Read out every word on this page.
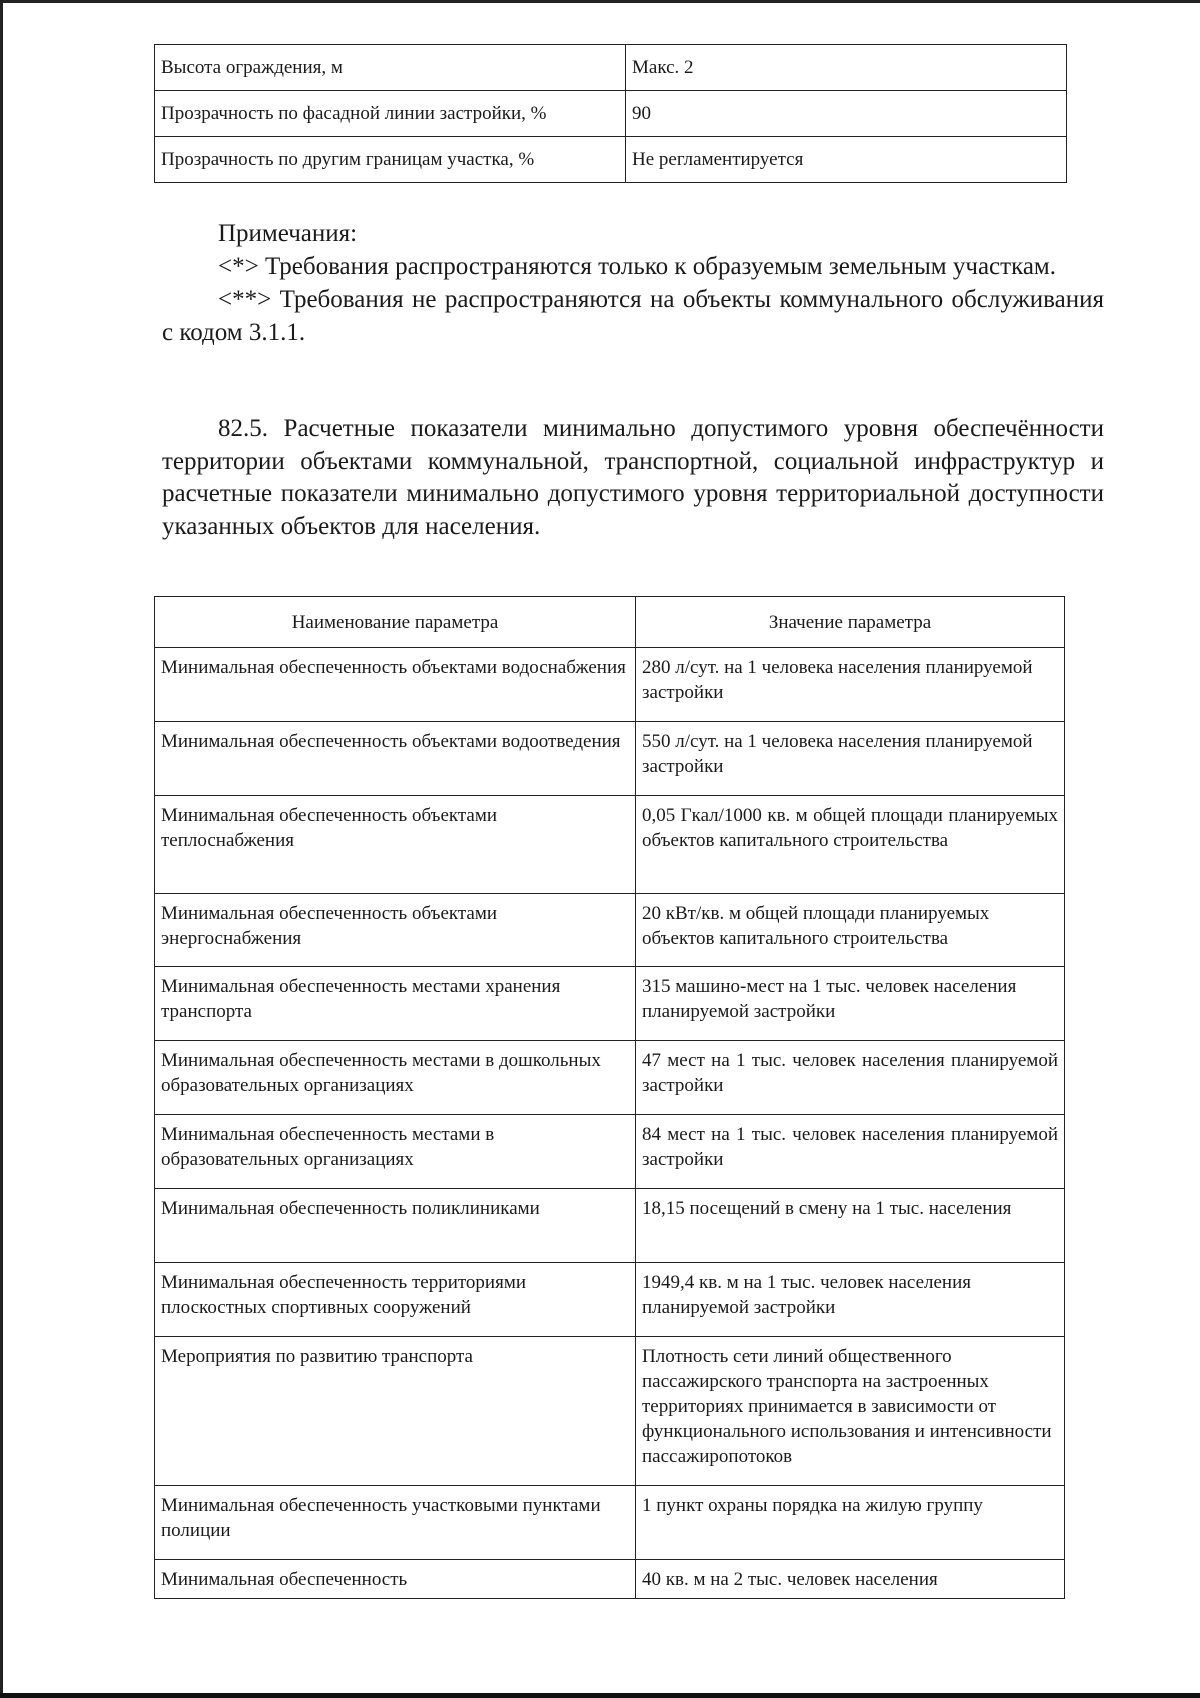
Высота ограждения, м	Макс. 2
Прозрачность по фасадной линии застройки, %	90
Прозрачность по другим границам участка, %	Не регламентируется

Примечания:

<*> Требования распространяются только к образуемым земельным участкам.

<**> Требования не распространяются на объекты коммунального обслуживания с кодом 3.1.1.

82.5. Расчетные показатели минимально допустимого уровня обеспечённости территории объектами коммунальной, транспортной, социальной инфраструктур и расчетные показатели минимально допустимого уровня территориальной доступности указанных объектов для населения.

Наименование параметра	Значение параметра
Минимальная обеспеченность объектами водоснабжения	280 л/сут. на 1 человека населения планируемой застройки
Минимальная обеспеченность объектами водоотведения	550 л/сут. на 1 человека населения планируемой застройки
Минимальная обеспеченность объектами теплоснабжения	0,05 Гкал/1000 кв. м общей площади планируемых объектов капитального строительства
Минимальная обеспеченность объектами энергоснабжения	20 кВт/кв. м общей площади планируемых объектов капитального строительства
Минимальная обеспеченность местами хранения транспорта	315 машино-мест на 1 тыс. человек населения планируемой застройки
Минимальная обеспеченность местами в дошкольных образовательных организациях	47 мест на 1 тыс. человек населения планируемой застройки
Минимальная обеспеченность местами в образовательных организациях	84 мест на 1 тыс. человек населения планируемой застройки
Минимальная обеспеченность поликлиниками	18,15 посещений в смену на 1 тыс. населения
Минимальная обеспеченность территориями плоскостных спортивных сооружений	1949,4 кв. м на 1 тыс. человек населения планируемой застройки
Мероприятия по развитию транспорта	Плотность сети линий общественного пассажирского транспорта на застроенных территориях принимается в зависимости от функционального использования и интенсивности пассажиропотоков
Минимальная обеспеченность участковыми пунктами полиции	1 пункт охраны порядка на жилую группу
Минимальная обеспеченность	40 кв. м на 2 тыс. человек населения
